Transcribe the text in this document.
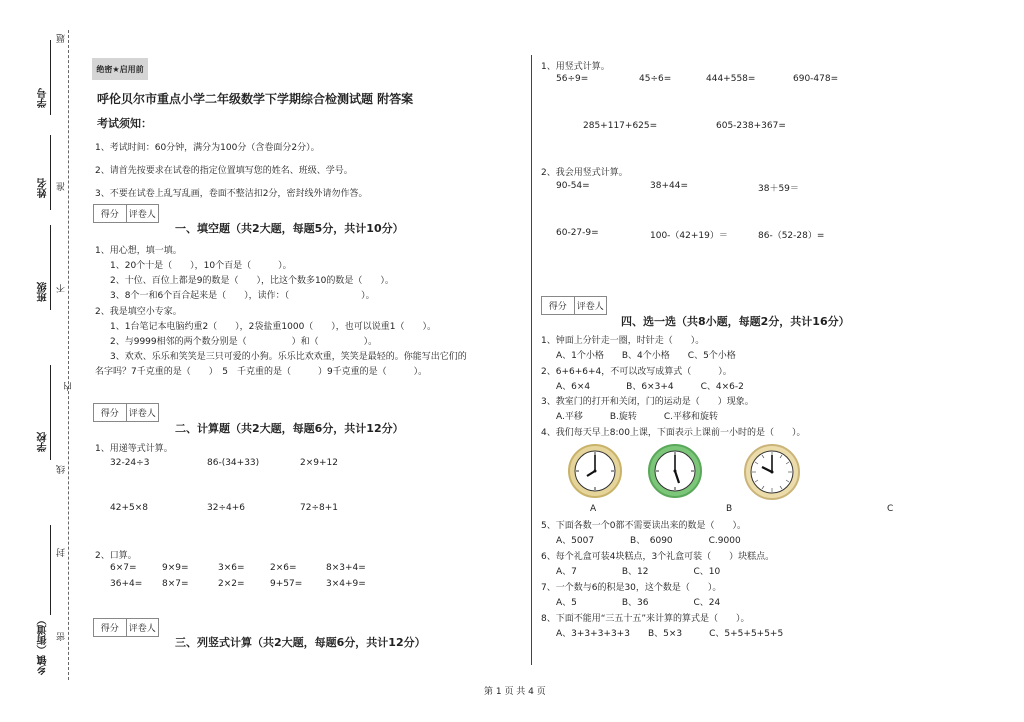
学号
姓名
班级
学校
乡镇（街道）
题
准
不
内
线
封
密
绝密★启用前
呼伦贝尔市重点小学二年级数学下学期综合检测试题 附答案
考试须知：
1、考试时间：60分钟，满分为100分（含卷面分2分）。
2、请首先按要求在试卷的指定位置填写您的姓名、班级、学号。
3、不要在试卷上乱写乱画，卷面不整洁扣2分，密封线外请勿作答。
得分	评卷人
一、填空题（共2大题，每题5分，共计10分）
1、用心想，填一填。
1、20个十是（　　），10个百是（　　　）。
2、十位、百位上都是9的数是（　　），比这个数多10的数是（　　）。
3、8个一和6个百合起来是（　　），读作：（　　　　　　　　）。
2、我是填空小专家。
1、1台笔记本电脑约重2（　　），2袋盐重1000（　　），也可以说重1（　　）。
2、与9999相邻的两个数分别是（　　　　　）和（　　　　　）。
3、欢欢、乐乐和笑笑是三只可爱的小狗。乐乐比欢欢重，笑笑是最轻的。你能写出它们的
名字吗？7千克重的是（　　）　5　千克重的是（　　　）9千克重的是（　　　）。
得分	评卷人
二、计算题（共2大题，每题6分，共计12分）
1、用递等式计算。
32-24÷3	86-(34+33)	2×9+12
42+5×8	32÷4+6	72÷8+1
2、口算。
6×7=	9×9=	3×6=	2×6=	8×3+4=
36+4= 8×7=	2×2=	9+57=	3×4+9=
得分	评卷人
三、列竖式计算（共2大题，每题6分，共计12分）
1、用竖式计算。
56÷9=	45÷6=	444+558=	690-478=
285+117+625=	605-238+367=
2、我会用竖式计算。
90-54=	38+44=	38＋59＝
60-27-9=	100-（42+19）＝	86-（52-28）=
得分	评卷人
四、选一选（共8小题，每题2分，共计16分）
1、钟面上分针走一圈，时针走（　　）。
A、1个小格　　B、4个小格　　C、5个小格
2、6+6+6+4，不可以改写成算式（　　　）。
A、6×4　　　　B、6×3+4　　　C、4×6-2
3、教室门的打开和关闭，门的运动是（　　）现象。
A.平移　　　B.旋转　　　C.平移和旋转
4、我们每天早上8:00上课，下面表示上课前一小时的是（　　）。
A	B	C
5、下面各数一个0都不需要读出来的数是（　　）。
A、5007　　　　B、　6090　　　　C.9000
6、每个礼盒可装4块糕点，3个礼盒可装（　　）块糕点。
A、7　　　　　B、12　　　　　C、10
7、一个数与6的积是30，这个数是（　　）。
A、5　　　　　B、36　　　　　C、24
8、下面不能用“三五十五”来计算的算式是（　　）。
A、3+3+3+3+3　　B、5×3　　　C、5+5+5+5+5
第 1 页 共 4 页
